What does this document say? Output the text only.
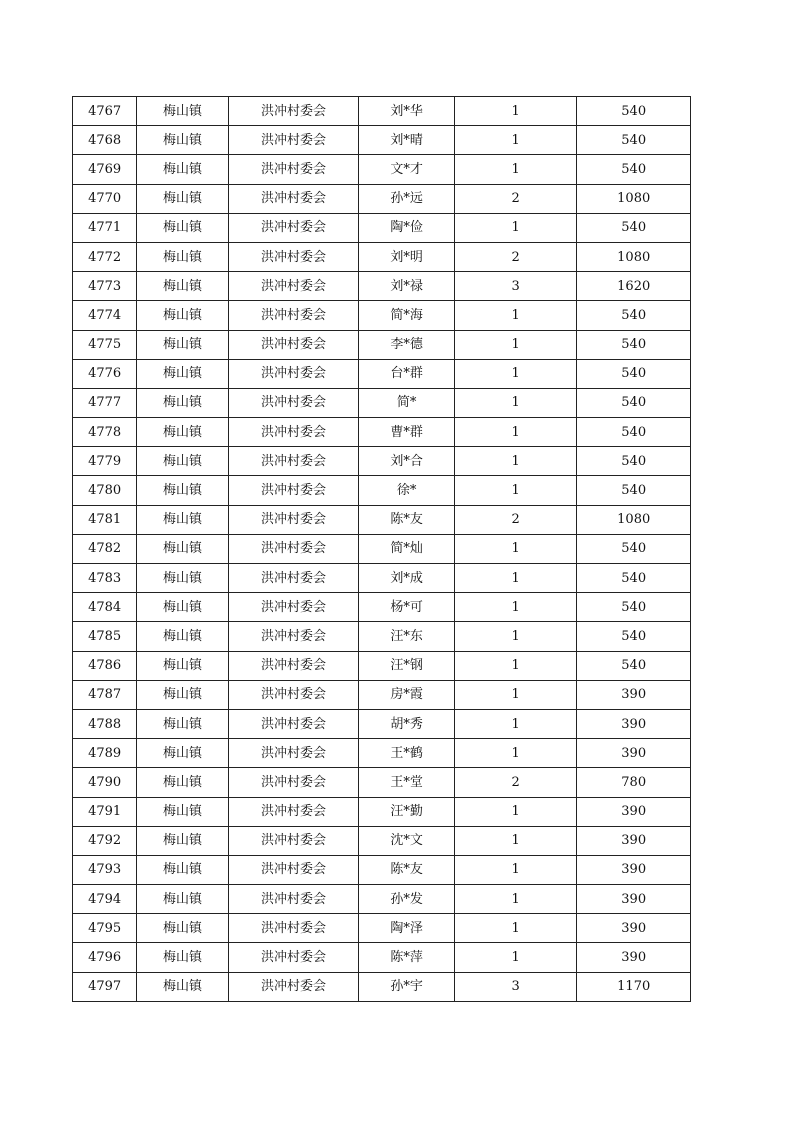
4767	梅山镇	洪冲村委会	刘*华	1	540
4768	梅山镇	洪冲村委会	刘*晴	1	540
4769	梅山镇	洪冲村委会	文*才	1	540
4770	梅山镇	洪冲村委会	孙*远	2	1080
4771	梅山镇	洪冲村委会	陶*俭	1	540
4772	梅山镇	洪冲村委会	刘*明	2	1080
4773	梅山镇	洪冲村委会	刘*禄	3	1620
4774	梅山镇	洪冲村委会	简*海	1	540
4775	梅山镇	洪冲村委会	李*德	1	540
4776	梅山镇	洪冲村委会	台*群	1	540
4777	梅山镇	洪冲村委会	简*	1	540
4778	梅山镇	洪冲村委会	曹*群	1	540
4779	梅山镇	洪冲村委会	刘*合	1	540
4780	梅山镇	洪冲村委会	徐*	1	540
4781	梅山镇	洪冲村委会	陈*友	2	1080
4782	梅山镇	洪冲村委会	简*灿	1	540
4783	梅山镇	洪冲村委会	刘*成	1	540
4784	梅山镇	洪冲村委会	杨*可	1	540
4785	梅山镇	洪冲村委会	汪*东	1	540
4786	梅山镇	洪冲村委会	汪*钢	1	540
4787	梅山镇	洪冲村委会	房*霞	1	390
4788	梅山镇	洪冲村委会	胡*秀	1	390
4789	梅山镇	洪冲村委会	王*鹤	1	390
4790	梅山镇	洪冲村委会	王*堂	2	780
4791	梅山镇	洪冲村委会	汪*勤	1	390
4792	梅山镇	洪冲村委会	沈*文	1	390
4793	梅山镇	洪冲村委会	陈*友	1	390
4794	梅山镇	洪冲村委会	孙*发	1	390
4795	梅山镇	洪冲村委会	陶*泽	1	390
4796	梅山镇	洪冲村委会	陈*萍	1	390
4797	梅山镇	洪冲村委会	孙*宇	3	1170
